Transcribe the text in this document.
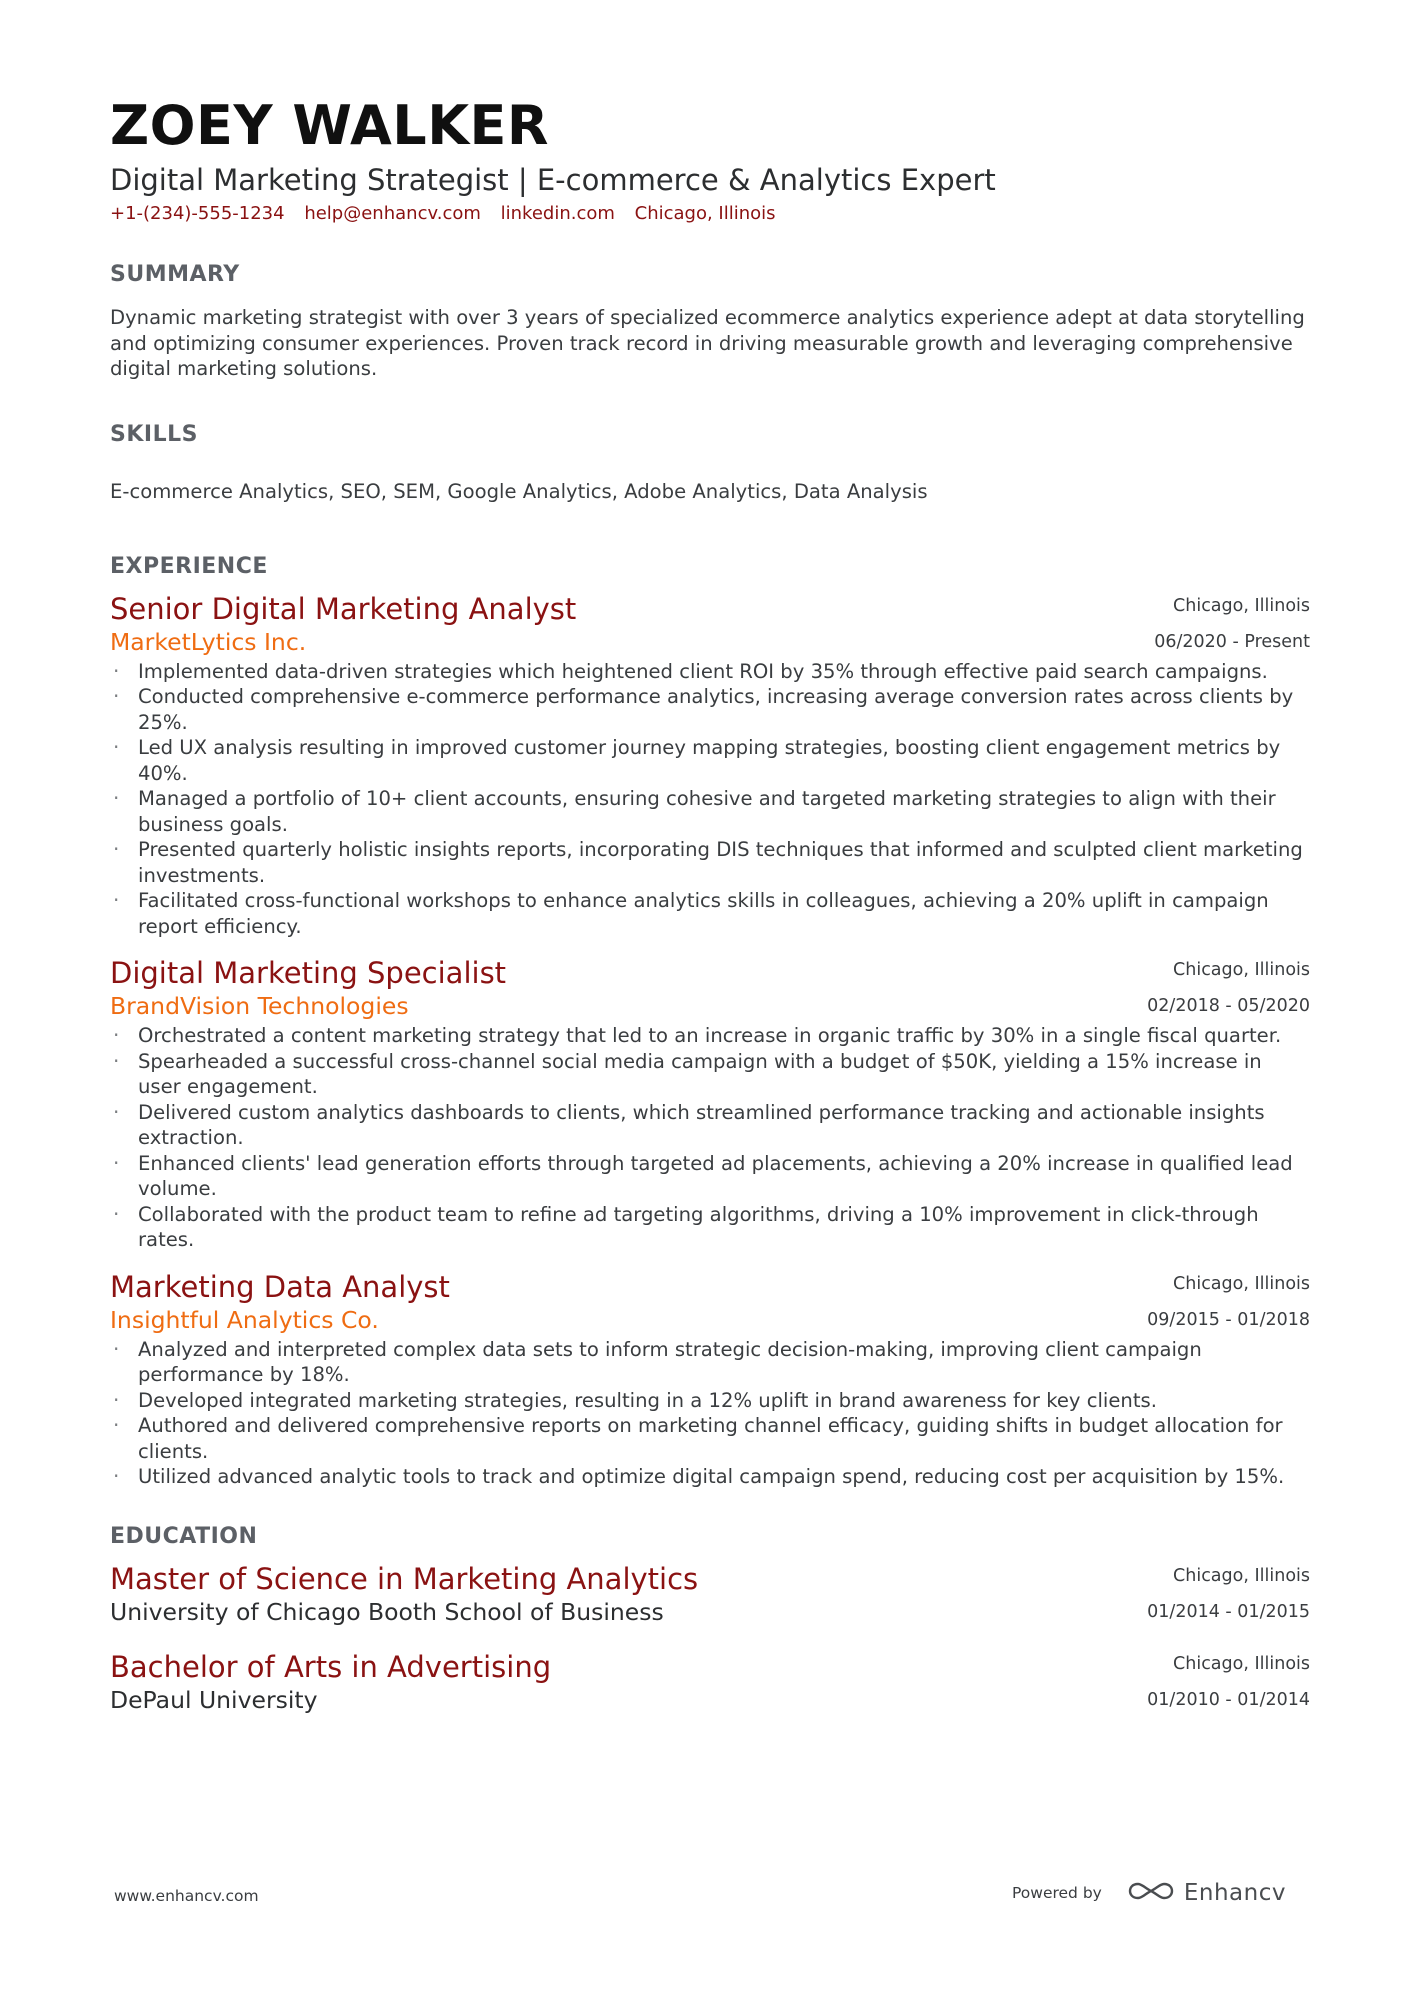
ZOEY WALKER
Digital Marketing Strategist | E-commerce & Analytics Expert
+1-(234)-555-1234 help@enhancv.com linkedin.com Chicago, Illinois
SUMMARY
Dynamic marketing strategist with over 3 years of specialized ecommerce analytics experience adept at data storytelling and optimizing consumer experiences. Proven track record in driving measurable growth and leveraging comprehensive digital marketing solutions.
SKILLS
E-commerce Analytics, SEO, SEM, Google Analytics, Adobe Analytics, Data Analysis
EXPERIENCE
Senior Digital Marketing Analyst
MarketLytics Inc.
Chicago, Illinois
06/2020 - Present
· Implemented data-driven strategies which heightened client ROI by 35% through effective paid search campaigns.
· Conducted comprehensive e-commerce performance analytics, increasing average conversion rates across clients by 25%.
· Led UX analysis resulting in improved customer journey mapping strategies, boosting client engagement metrics by 40%.
· Managed a portfolio of 10+ client accounts, ensuring cohesive and targeted marketing strategies to align with their business goals.
· Presented quarterly holistic insights reports, incorporating DIS techniques that informed and sculpted client marketing investments.
· Facilitated cross-functional workshops to enhance analytics skills in colleagues, achieving a 20% uplift in campaign report efficiency.
Digital Marketing Specialist
BrandVision Technologies
Chicago, Illinois
02/2018 - 05/2020
· Orchestrated a content marketing strategy that led to an increase in organic traffic by 30% in a single fiscal quarter.
· Spearheaded a successful cross-channel social media campaign with a budget of $50K, yielding a 15% increase in user engagement.
· Delivered custom analytics dashboards to clients, which streamlined performance tracking and actionable insights extraction.
· Enhanced clients' lead generation efforts through targeted ad placements, achieving a 20% increase in qualified lead volume.
· Collaborated with the product team to refine ad targeting algorithms, driving a 10% improvement in click-through rates.
Marketing Data Analyst
Insightful Analytics Co.
Chicago, Illinois
09/2015 - 01/2018
· Analyzed and interpreted complex data sets to inform strategic decision-making, improving client campaign performance by 18%.
· Developed integrated marketing strategies, resulting in a 12% uplift in brand awareness for key clients.
· Authored and delivered comprehensive reports on marketing channel efficacy, guiding shifts in budget allocation for clients.
· Utilized advanced analytic tools to track and optimize digital campaign spend, reducing cost per acquisition by 15%.
EDUCATION
Master of Science in Marketing Analytics
University of Chicago Booth School of Business
Chicago, Illinois
01/2014 - 01/2015
Bachelor of Arts in Advertising
DePaul University
Chicago, Illinois
01/2010 - 01/2014
www.enhancv.com	Powered by	Enhancv
